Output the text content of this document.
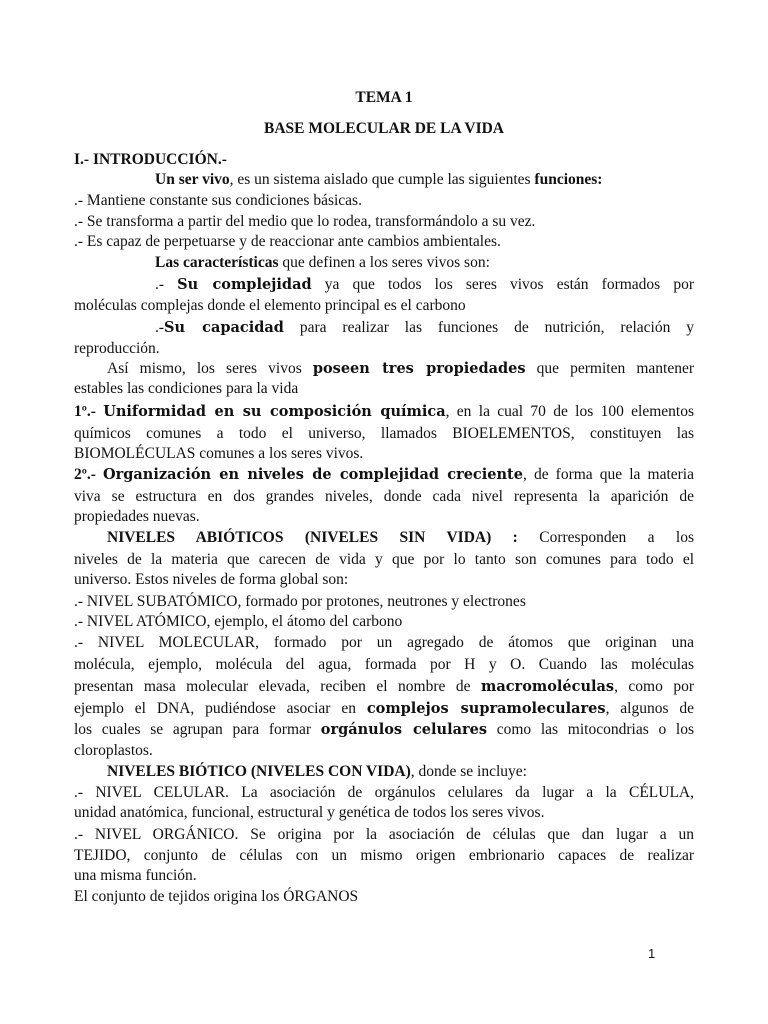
TEMA 1
BASE MOLECULAR DE LA VIDA
I.- INTRODUCCIÓN.-
Un ser vivo, es un sistema aislado que cumple las siguientes funciones:
.- Mantiene constante sus condiciones básicas.
.- Se transforma a partir del medio que lo rodea, transformándolo a su vez.
.- Es capaz de perpetuarse y de reaccionar ante cambios ambientales.
Las características que definen a los seres vivos son:
.- Su complejidad ya que todos los seres vivos están formados por
moléculas complejas donde el elemento principal es el carbono
.-Su capacidad para realizar las funciones de nutrición, relación y
reproducción.
Así mismo, los seres vivos poseen tres propiedades que permiten mantener
estables las condiciones para la vida
1º.- Uniformidad en su composición química, en la cual 70 de los 100 elementos
químicos comunes a todo el universo, llamados BIOELEMENTOS, constituyen las
BIOMOLÉCULAS comunes a los seres vivos.
2º.- Organización en niveles de complejidad creciente, de forma que la materia
viva se estructura en dos grandes niveles, donde cada nivel representa la aparición de
propiedades nuevas.
NIVELES ABIÓTICOS (NIVELES SIN VIDA) : Corresponden a los
niveles de la materia que carecen de vida y que por lo tanto son comunes para todo el
universo. Estos niveles de forma global son:
.- NIVEL SUBATÓMICO, formado por protones, neutrones y electrones
.- NIVEL ATÓMICO, ejemplo, el átomo del carbono
.- NIVEL MOLECULAR, formado por un agregado de átomos que originan una
molécula, ejemplo, molécula del agua, formada por H y O. Cuando las moléculas
presentan masa molecular elevada, reciben el nombre de macromoléculas, como por
ejemplo el DNA, pudiéndose asociar en complejos supramoleculares, algunos de
los cuales se agrupan para formar orgánulos celulares como las mitocondrias o los
cloroplastos.
NIVELES BIÓTICO (NIVELES CON VIDA), donde se incluye:
.- NIVEL CELULAR. La asociación de orgánulos celulares da lugar a la CÉLULA,
unidad anatómica, funcional, estructural y genética de todos los seres vivos.
.- NIVEL ORGÁNICO. Se origina por la asociación de células que dan lugar a un
TEJIDO, conjunto de células con un mismo origen embrionario capaces de realizar
una misma función.
El conjunto de tejidos origina los ÓRGANOS
1
